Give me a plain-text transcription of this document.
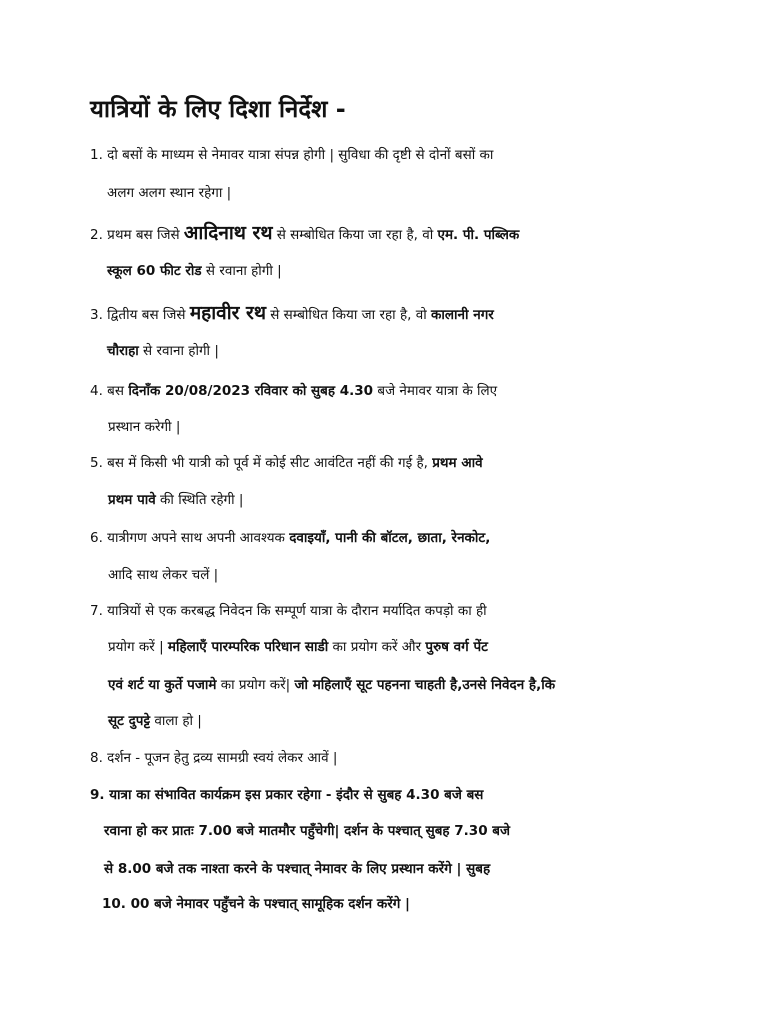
यात्रियों के लिए दिशा निर्देश -
1. दो बसों के माध्यम से नेमावर यात्रा संपन्न होगी | सुविधा की दृष्टी से दोनों बसों का
अलग अलग स्थान रहेगा |
2. प्रथम बस जिसे आदिनाथ रथ से सम्बोधित किया जा रहा है, वो एम. पी. पब्लिक
स्कूल 60 फीट रोड से रवाना होगी |
3. द्वितीय बस जिसे महावीर रथ से सम्बोधित किया जा रहा है, वो कालानी नगर
चौराहा से रवाना होगी |
4. बस दिनाँक 20/08/2023 रविवार को सुबह 4.30 बजे नेमावर यात्रा के लिए
प्रस्थान करेगी |
5. बस में किसी भी यात्री को पूर्व में कोई सीट आवंटित नहीं की गई है, प्रथम आवे
प्रथम पावे की स्थिति रहेगी |
6. यात्रीगण अपने साथ अपनी आवश्यक दवाइयाँ, पानी की बॉटल, छाता, रेनकोट,
आदि साथ लेकर चलें |
7. यात्रियों से एक करबद्ध निवेदन कि सम्पूर्ण यात्रा के दौरान मर्यादित कपड़ो का ही
प्रयोग करें | महिलाएँ पारम्परिक परिधान साडी का प्रयोग करें और पुरुष वर्ग पेंट
एवं शर्ट या कुर्ते पजामे का प्रयोग करें| जो महिलाएँ सूट पहनना चाहती है,उनसे निवेदन है,कि
सूट दुपट्टे वाला हो |
8. दर्शन - पूजन हेतु द्रव्य सामग्री स्वयं लेकर आवें |
9. यात्रा का संभावित कार्यक्रम इस प्रकार रहेगा - इंदौर से सुबह 4.30 बजे बस
रवाना हो कर प्रातः 7.00 बजे मातमौर पहुँचेगी| दर्शन के पश्चात् सुबह 7.30 बजे
से 8.00 बजे तक नाश्ता करने के पश्चात् नेमावर के लिए प्रस्थान करेंगे | सुबह
10. 00 बजे नेमावर पहुँचने के पश्चात् सामूहिक दर्शन करेंगे |
